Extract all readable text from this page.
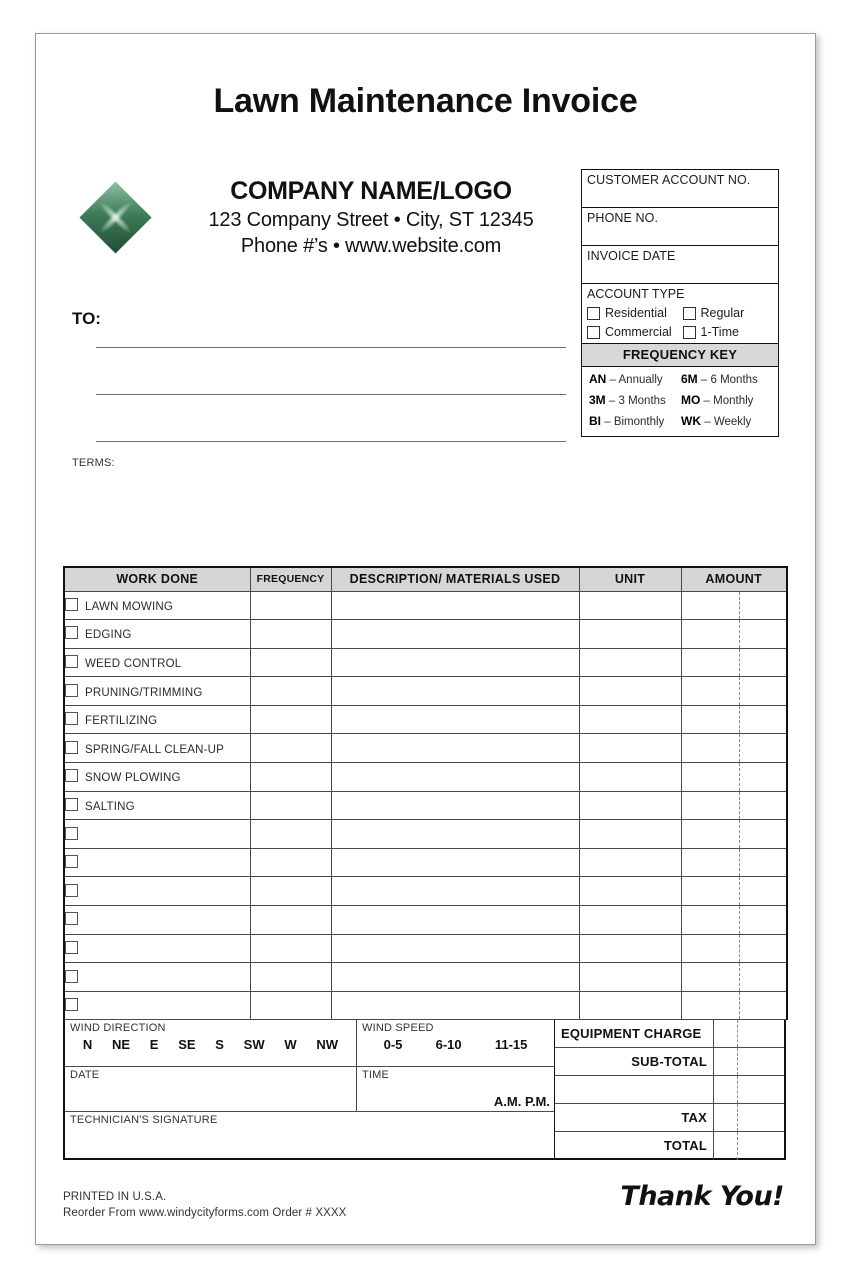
Lawn Maintenance Invoice
COMPANY NAME/LOGO
123 Company Street • City, ST 12345
Phone #’s • www.website.com
TO:
TERMS:
CUSTOMER ACCOUNT NO.
PHONE NO.
INVOICE DATE
ACCOUNT TYPE
Residential	Regular
Commercial 1-Time
FREQUENCY KEY
AN – Annually	6M – 6 Months
3M – 3 Months	MO – Monthly
BI – Bimonthly	WK – Weekly
WORK DONE	FREQUENCY	DESCRIPTION/ MATERIALS USED	UNIT	AMOUNT
LAWN MOWING				

EDGING				

WEED CONTROL				

PRUNING/TRIMMING				

FERTILIZING				

SPRING/FALL CLEAN-UP				

SNOW PLOWING				

SALTING				

WIND DIRECTION
N NE E SE S SW W NW
WIND SPEED
0-5	6-10	11-15
DATE	TIME
A.M. P.M.
TECHNICIAN'S SIGNATURE
EQUIPMENT CHARGE
SUB-TOTAL
TAX
TOTAL
PRINTED IN U.S.A.
Reorder From www.windycityforms.com Order # XXXX
Thank You!
